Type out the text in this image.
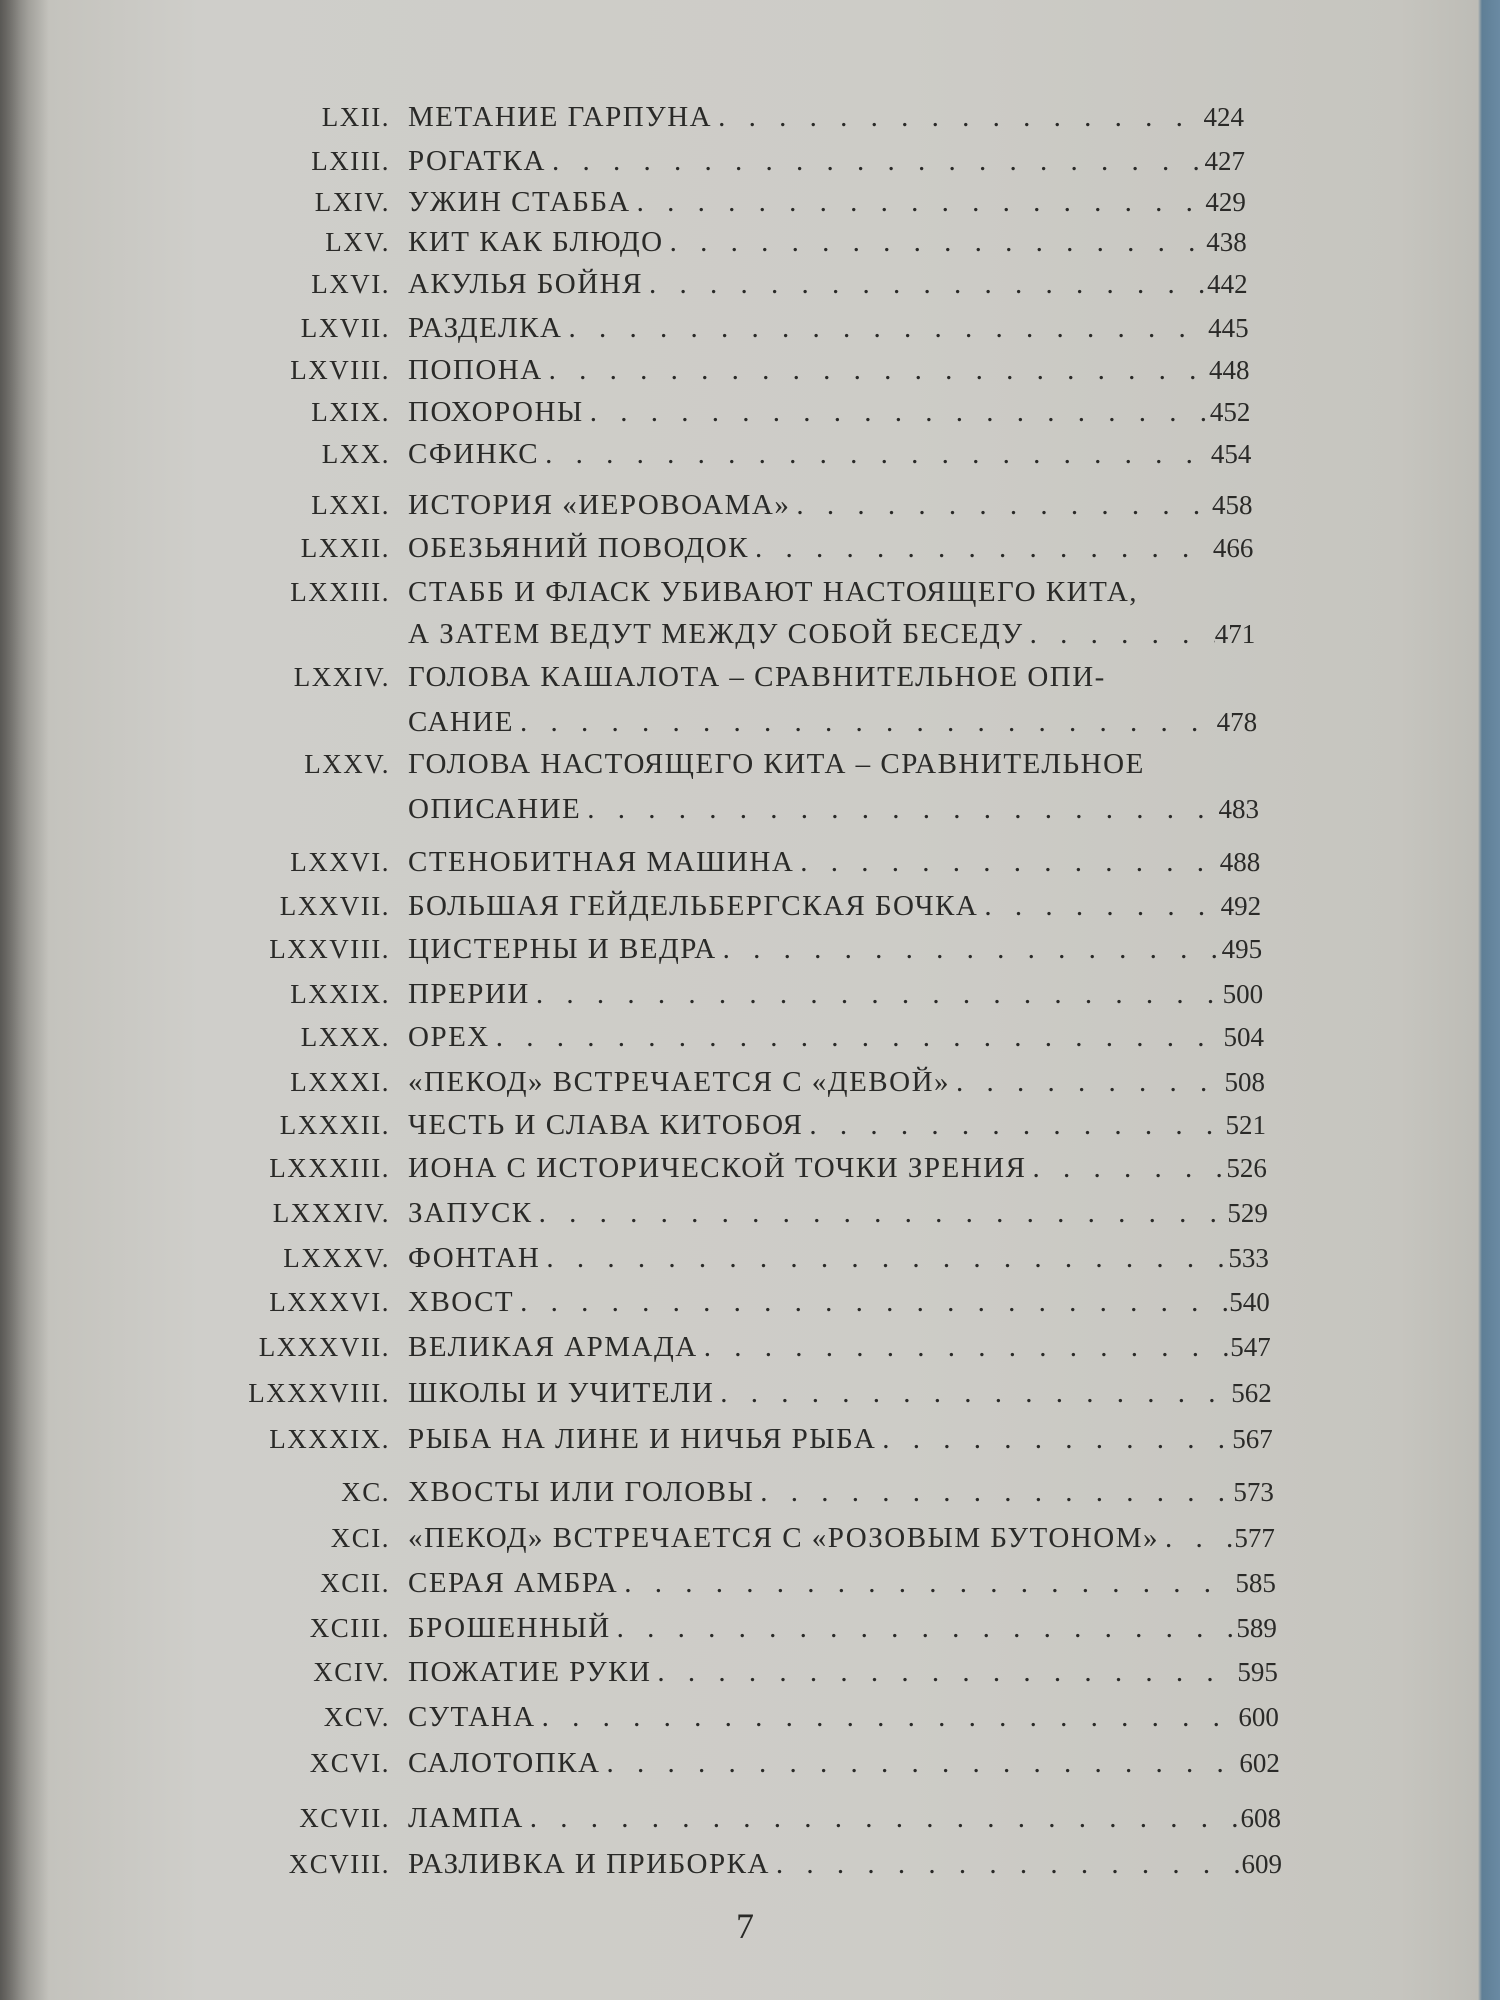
LXII. МЕТАНИЕ ГАРПУНА . . .	424
LXIII. РОГАТКА . . .	427
LXIV. УЖИН СТАББА . . .	429
LXV. КИТ КАК БЛЮДО . . .	438
LXVI. АКУЛЬЯ БОЙНЯ . . .	442
LXVII. РАЗДЕЛКА . . .	445
LXVIII. ПОПОНА . . .	448
LXIX. ПОХОРОНЫ . . .	452
LXX. СФИНКС . . .	454
LXXI. ИСТОРИЯ «ИЕРОВОАМА» . . .	458
LXXII. ОБЕЗЬЯНИЙ ПОВОДОК . . .	466
LXXIII. СТАББ И ФЛАСК УБИВАЮТ НАСТОЯЩЕГО КИТА,
А ЗАТЕМ ВЕДУТ МЕЖДУ СОБОЙ БЕСЕДУ . . .	471
LXXIV. ГОЛОВА КАШАЛОТА – СРАВНИТЕЛЬНОЕ ОПИ-
САНИЕ . . .	478
LXXV. ГОЛОВА НАСТОЯЩЕГО КИТА – СРАВНИТЕЛЬНОЕ
ОПИСАНИЕ . . .	483
LXXVI. СТЕНОБИТНАЯ МАШИНА . . .	488
LXXVII. БОЛЬШАЯ ГЕЙДЕЛЬБЕРГСКАЯ БОЧКА . . .	492
LXXVIII. ЦИСТЕРНЫ И ВЕДРА . . .	495
LXXIX. ПРЕРИИ . . .	500
LXXX. ОРЕХ . . .	504
LXXXI. «ПЕКОД» ВСТРЕЧАЕТСЯ С «ДЕВОЙ» . . .	508
LXXXII. ЧЕСТЬ И СЛАВА КИТОБОЯ . . .	521
LXXXIII. ИОНА С ИСТОРИЧЕСКОЙ ТОЧКИ ЗРЕНИЯ . . .	526
LXXXIV. ЗАПУСК . . .	529
LXXXV. ФОНТАН . . .	533
LXXXVI. ХВОСТ . . .	540
LXXXVII. ВЕЛИКАЯ АРМАДА . . .	547
LXXXVIII. ШКОЛЫ И УЧИТЕЛИ . . .	562
LXXXIX. РЫБА НА ЛИНЕ И НИЧЬЯ РЫБА . . .	567
XC. ХВОСТЫ ИЛИ ГОЛОВЫ . . .	573
XCI. «ПЕКОД» ВСТРЕЧАЕТСЯ С «РОЗОВЫМ БУТОНОМ» . . .	577
XCII. СЕРАЯ АМБРА . . .	585
XCIII. БРОШЕННЫЙ . . .	589
XCIV. ПОЖАТИЕ РУКИ . . .	595
XCV. СУТАНА . . .	600
XCVI. САЛОТОПКА . . .	602
XCVII. ЛАМПА . . .	608
XCVIII. РАЗЛИВКА И ПРИБОРКА . . .	609
7
